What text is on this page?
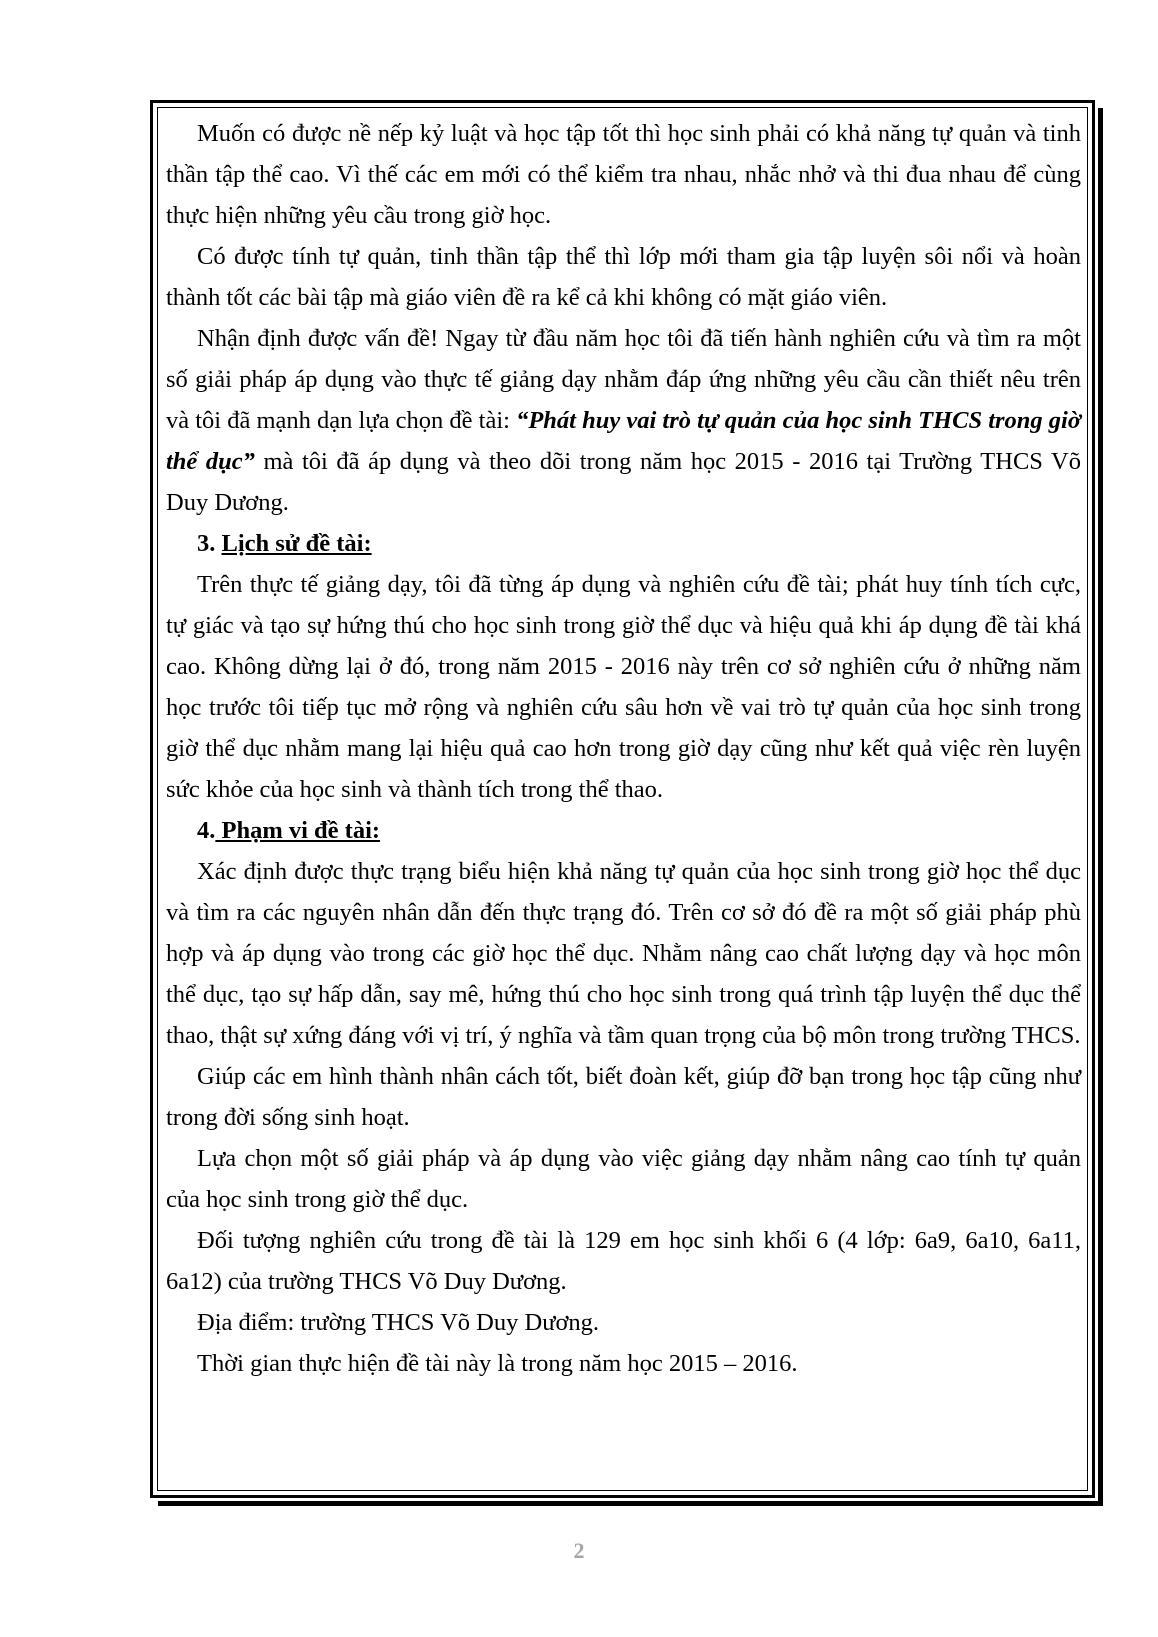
Muốn có được nề nếp kỷ luật và học tập tốt thì học sinh phải có khả năng tự quản và tinh thần tập thể cao. Vì thế các em mới có thể kiểm tra nhau, nhắc nhở và thi đua nhau để cùng thực hiện những yêu cầu trong giờ học.

Có được tính tự quản, tinh thần tập thể thì lớp mới tham gia tập luyện sôi nổi và hoàn thành tốt các bài tập mà giáo viên đề ra kể cả khi không có mặt giáo viên.

Nhận định được vấn đề! Ngay từ đầu năm học tôi đã tiến hành nghiên cứu và tìm ra một số giải pháp áp dụng vào thực tế giảng dạy nhằm đáp ứng những yêu cầu cần thiết nêu trên và tôi đã mạnh dạn lựa chọn đề tài: “Phát huy vai trò tự quản của học sinh THCS trong giờ thể dục” mà tôi đã áp dụng và theo dõi trong năm học 2015 - 2016 tại Trường THCS Võ Duy Dương.

3. Lịch sử đề tài:

Trên thực tế giảng dạy, tôi đã từng áp dụng và nghiên cứu đề tài; phát huy tính tích cực, tự giác và tạo sự hứng thú cho học sinh trong giờ thể dục và hiệu quả khi áp dụng đề tài khá cao. Không dừng lại ở đó, trong năm 2015 - 2016 này trên cơ sở nghiên cứu ở những năm học trước tôi tiếp tục mở rộng và nghiên cứu sâu hơn về vai trò tự quản của học sinh trong giờ thể dục nhằm mang lại hiệu quả cao hơn trong giờ dạy cũng như kết quả việc rèn luyện sức khỏe của học sinh và thành tích trong thể thao.

4. Phạm vi đề tài:

Xác định được thực trạng biểu hiện khả năng tự quản của học sinh trong giờ học thể dục và tìm ra các nguyên nhân dẫn đến thực trạng đó. Trên cơ sở đó đề ra một số giải pháp phù hợp và áp dụng vào trong các giờ học thể dục. Nhằm nâng cao chất lượng dạy và học môn thể dục, tạo sự hấp dẫn, say mê, hứng thú cho học sinh trong quá trình tập luyện thể dục thể thao, thật sự xứng đáng với vị trí, ý nghĩa và tầm quan trọng của bộ môn trong trường THCS.

Giúp các em hình thành nhân cách tốt, biết đoàn kết, giúp đỡ bạn trong học tập cũng như trong đời sống sinh hoạt.

Lựa chọn một số giải pháp và áp dụng vào việc giảng dạy nhằm nâng cao tính tự quản của học sinh trong giờ thể dục.

Đối tượng nghiên cứu trong đề tài là 129 em học sinh khối 6 (4 lớp: 6a9, 6a10, 6a11, 6a12) của trường THCS Võ Duy Dương.

Địa điểm: trường THCS Võ Duy Dương.

Thời gian thực hiện đề tài này là trong năm học 2015 – 2016.

2
